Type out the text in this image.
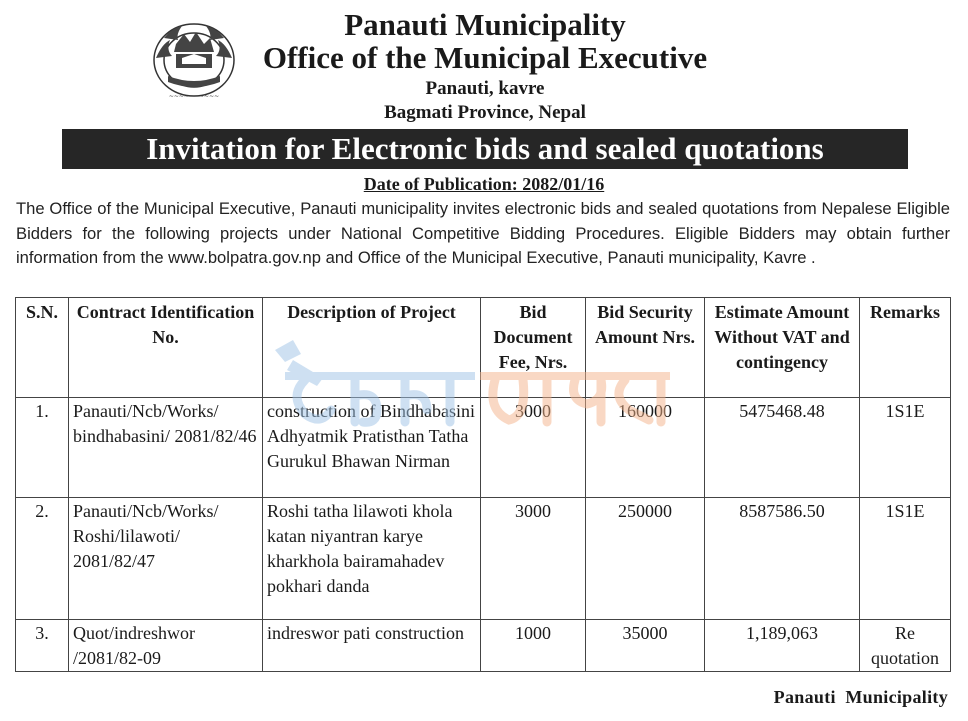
~~~~~~~~~~
Panauti Municipality
Office of the Municipal Executive
Panauti, kavre
Bagmati Province, Nepal
Invitation for Electronic bids and sealed quotations
Date of Publication: 2082/01/16
The Office of the Municipal Executive, Panauti municipality invites electronic bids and sealed quotations from Nepalese Eligible Bidders for the following projects under National Competitive Bidding Procedures. Eligible Bidders may obtain further information from the www.bolpatra.gov.np and Office of the Municipal Executive, Panauti municipality, Kavre .
S.N.	Contract Identification No.	Description of Project	Bid Document Fee, Nrs.	Bid Security Amount Nrs.	Estimate Amount Without VAT and contingency	Remarks
1.	Panauti/Ncb/Works/ bindhabasini/ 2081/82/46	construction of Bindhabasini Adhyatmik Pratisthan Tatha Gurukul Bhawan Nirman	3000	160000	5475468.48	1S1E
2.	Panauti/Ncb/Works/ Roshi/lilawoti/ 2081/82/47	Roshi tatha lilawoti khola katan niyantran karye kharkhola bairamahadev pokhari danda	3000	250000	8587586.50	1S1E
3.	Quot/indreshwor /2081/82-09	indreswor pati construction	1000	35000	1,189,063	Re quotation
Panauti  Municipality
